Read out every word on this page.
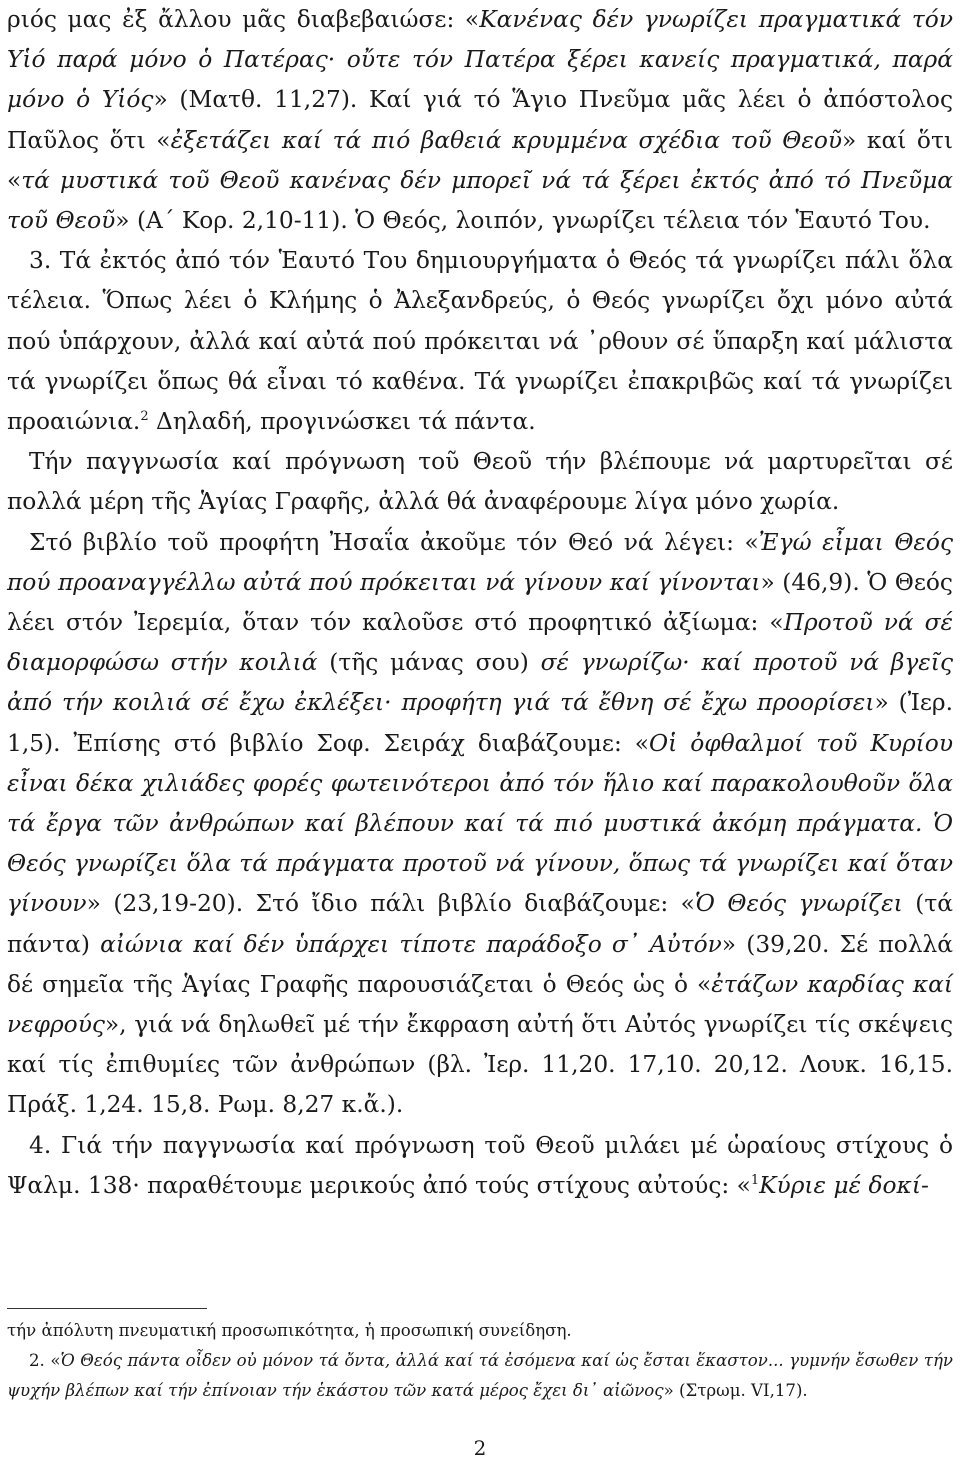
ριός μας ἐξ ἄλλου μᾶς διαβεβαιώσε: «Κανένας δέν γνωρίζει πραγματικά τόν Υἱό παρά μόνο ὁ Πατέρας· οὔτε τόν Πατέρα ξέρει κανείς πραγματικά, παρά μόνο ὁ Υἱός» (Ματθ. 11,27). Καί γιά τό Ἅγιο Πνεῦμα μᾶς λέει ὁ ἀπόστολος Παῦλος ὅτι «ἐξετάζει καί τά πιό βαθειά κρυμμένα σχέδια τοῦ Θεοῦ» καί ὅτι «τά μυστικά τοῦ Θεοῦ κανένας δέν μπορεῖ νά τά ξέρει ἐκτός ἀπό τό Πνεῦμα τοῦ Θεοῦ» (Α΄ Κορ. 2,10-11). Ὁ Θεός, λοιπόν, γνωρίζει τέλεια τόν Ἑαυτό Του.

3. Τά ἐκτός ἀπό τόν Ἑαυτό Του δημιουργήματα ὁ Θεός τά γνωρίζει πάλι ὅλα τέλεια. Ὅπως λέει ὁ Κλήμης ὁ Ἀλεξανδρεύς, ὁ Θεός γνωρίζει ὄχι μόνο αὐτά πού ὑπάρχουν, ἀλλά καί αὐτά πού πρόκειται νά ᾽ρθουν σέ ὕπαρξη καί μάλιστα τά γνωρίζει ὅπως θά εἶναι τό καθένα. Τά γνωρίζει ἐπακριβῶς καί τά γνωρίζει προαιώνια.$^2$ Δηλαδή, προγινώσκει τά πάντα.

Τήν παγγνωσία καί πρόγνωση τοῦ Θεοῦ τήν βλέπουμε νά μαρτυρεῖται σέ πολλά μέρη τῆς Ἁγίας Γραφῆς, ἀλλά θά ἀναφέρουμε λίγα μόνο χωρία.

Στό βιβλίο τοῦ προφήτη Ἠσαΐα ἀκοῦμε τόν Θεό νά λέγει: «Ἐγώ εἶμαι Θεός πού προαναγγέλλω αὐτά πού πρόκειται νά γίνουν καί γίνονται» (46,9). Ὁ Θεός λέει στόν Ἰερεμία, ὅταν τόν καλοῦσε στό προφητικό ἀξίωμα: «Προτοῦ νά σέ διαμορφώσω στήν κοιλιά (τῆς μάνας σου) σέ γνωρίζω· καί προτοῦ νά βγεῖς ἀπό τήν κοιλιά σέ ἔχω ἐκλέξει· προφήτη γιά τά ἔθνη σέ ἔχω προορίσει» (Ἰερ. 1,5). Ἐπίσης στό βιβλίο Σοφ. Σειράχ διαβάζουμε: «Οἱ ὀφθαλμοί τοῦ Κυρίου εἶναι δέκα χιλιάδες φορές φωτεινότεροι ἀπό τόν ἥλιο καί παρακολουθοῦν ὅλα τά ἔργα τῶν ἀνθρώπων καί βλέπουν καί τά πιό μυστικά ἀκόμη πράγματα. Ὁ Θεός γνωρίζει ὅλα τά πράγματα προτοῦ νά γίνουν, ὅπως τά γνωρίζει καί ὅταν γίνουν» (23,19-20). Στό ἴδιο πάλι βιβλίο διαβάζουμε: «Ὁ Θεός γνωρίζει (τά πάντα) αἰώνια καί δέν ὑπάρχει τίποτε παράδοξο σ᾽ Αὐτόν» (39,20. Σέ πολλά δέ σημεῖα τῆς Ἁγίας Γραφῆς παρουσιάζεται ὁ Θεός ὡς ὁ «ἐτάζων καρδίας καί νεφρούς», γιά νά δηλωθεῖ μέ τήν ἔκφραση αὐτή ὅτι Αὐτός γνωρίζει τίς σκέψεις καί τίς ἐπιθυμίες τῶν ἀνθρώπων (βλ. Ἰερ. 11,20. 17,10. 20,12. Λουκ. 16,15. Πράξ. 1,24. 15,8. Ρωμ. 8,27 κ.ἄ.).

4. Γιά τήν παγγνωσία καί πρόγνωση τοῦ Θεοῦ μιλάει μέ ὡραίους στίχους ὁ Ψαλμ. 138· παραθέτουμε μερικούς ἀπό τούς στίχους αὐτούς: «$^1$Κύριε μέ δοκί-

τήν ἀπόλυτη πνευματική προσωπικότητα, ἡ προσωπική συνείδηση.

2. «Ὁ Θεός πάντα οἶδεν οὐ μόνον τά ὄντα, ἀλλά καί τά ἐσόμενα καί ὡς ἔσται ἕκαστον... γυμνήν ἔσωθεν τήν ψυχήν βλέπων καί τήν ἐπίνοιαν τήν ἑκάστου τῶν κατά μέρος ἔχει δι᾽ αἰῶνος» (Στρωμ. VI,17).

2
